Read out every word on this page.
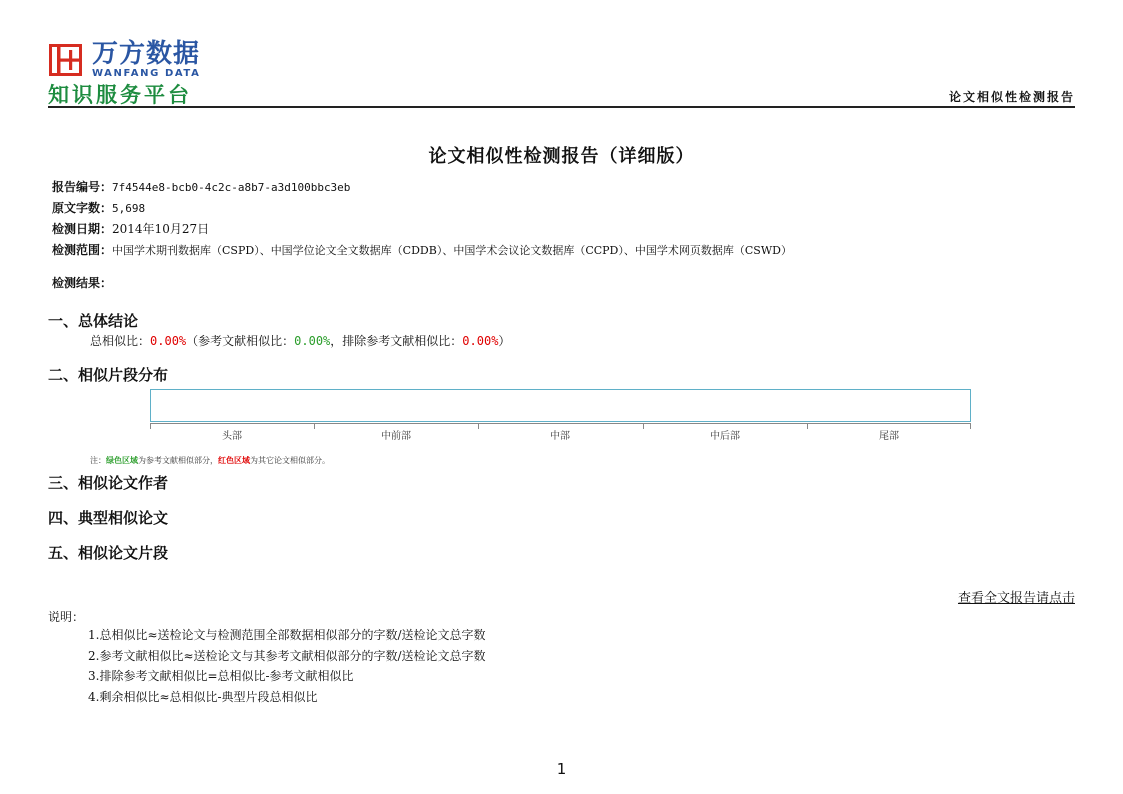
万方数据
WANFANG DATA
知识服务平台	论文相似性检测报告
论文相似性检测报告（详细版）
报告编号：7f4544e8-bcb0-4c2c-a8b7-a3d100bbc3eb
原文字数：5,698
检测日期：2014年10月27日
检测范围：中国学术期刊数据库（CSPD）、中国学位论文全文数据库（CDDB）、中国学术会议论文数据库（CCPD）、中国学术网页数据库（CSWD）
检测结果：
一、总体结论
总相似比：0.00%（参考文献相似比：0.00%，排除参考文献相似比：0.00%）
二、相似片段分布
头部	中前部	中部	中后部	尾部
注：绿色区域为参考文献相似部分，红色区域为其它论文相似部分。
三、相似论文作者
四、典型相似论文
五、相似论文片段
查看全文报告请点击
说明：
1.总相似比≈送检论文与检测范围全部数据相似部分的字数/送检论文总字数
2.参考文献相似比≈送检论文与其参考文献相似部分的字数/送检论文总字数
3.排除参考文献相似比=总相似比-参考文献相似比
4.剩余相似比≈总相似比-典型片段总相似比
1
